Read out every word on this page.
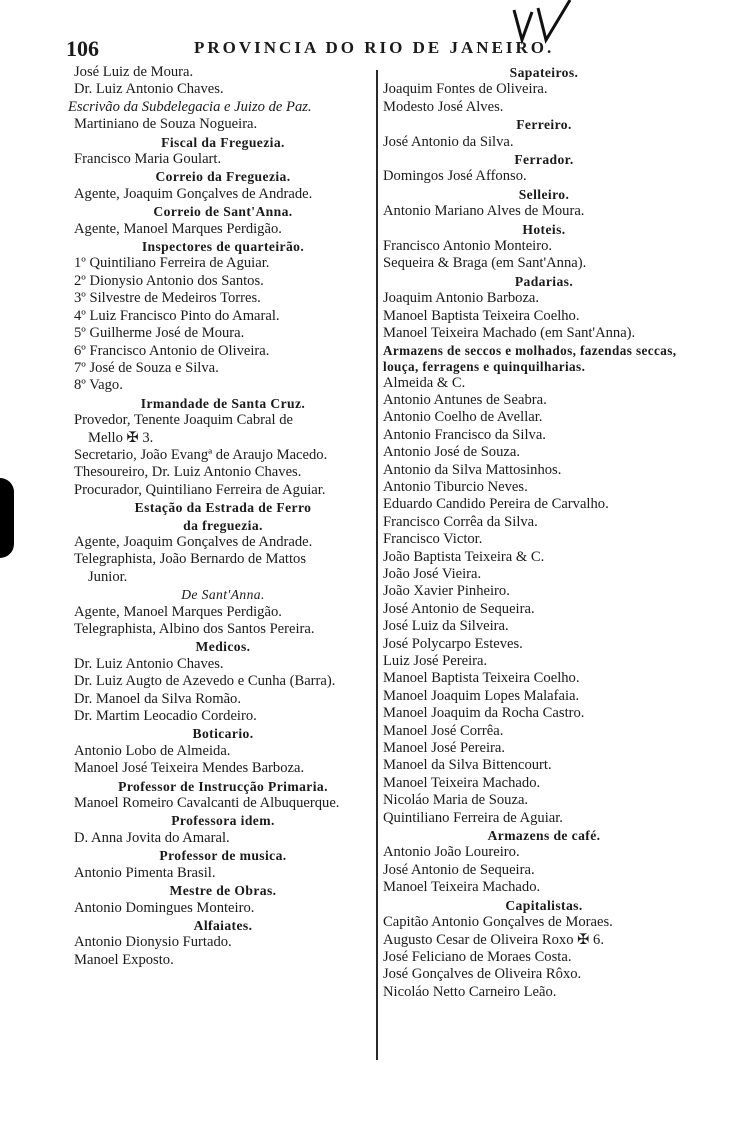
106	PROVINCIA DO RIO DE JANEIRO.
José Luiz de Moura.
Dr. Luiz Antonio Chaves.
Escrivão da Subdelegacia e Juizo de Paz.
Martiniano de Souza Nogueira.
Fiscal da Freguezia.
Francisco Maria Goulart.
Correio da Freguezia.
Agente, Joaquim Gonçalves de Andrade.
Correio de Sant'Anna.
Agente, Manoel Marques Perdigão.
Inspectores de quarteirão.
1º Quintiliano Ferreira de Aguiar.
2º Dionysio Antonio dos Santos.
3º Silvestre de Medeiros Torres.
4º Luiz Francisco Pinto do Amaral.
5º Guilherme José de Moura.
6º Francisco Antonio de Oliveira.
7º José de Souza e Silva.
8º Vago.
Irmandade de Santa Cruz.
Provedor, Tenente Joaquim Cabral de
Mello ✠ 3.
Secretario, João Evangª de Araujo Macedo.
Thesoureiro, Dr. Luiz Antonio Chaves.
Procurador, Quintiliano Ferreira de Aguiar.
Estação da Estrada de Ferro
da freguezia.
Agente, Joaquim Gonçalves de Andrade.
Telegraphista, João Bernardo de Mattos
Junior.
De Sant'Anna.
Agente, Manoel Marques Perdigão.
Telegraphista, Albino dos Santos Pereira.
Medicos.
Dr. Luiz Antonio Chaves.
Dr. Luiz Augto de Azevedo e Cunha (Barra).
Dr. Manoel da Silva Romão.
Dr. Martim Leocadio Cordeiro.
Boticario.
Antonio Lobo de Almeida.
Manoel José Teixeira Mendes Barboza.
Professor de Instrucção Primaria.
Manoel Romeiro Cavalcanti de Albuquerque.
Professora idem.
D. Anna Jovita do Amaral.
Professor de musica.
Antonio Pimenta Brasil.
Mestre de Obras.
Antonio Domingues Monteiro.
Alfaiates.
Antonio Dionysio Furtado.
Manoel Exposto.
Sapateiros.
Joaquim Fontes de Oliveira.
Modesto José Alves.
Ferreiro.
José Antonio da Silva.
Ferrador.
Domingos José Affonso.
Selleiro.
Antonio Mariano Alves de Moura.
Hoteis.
Francisco Antonio Monteiro.
Sequeira & Braga (em Sant'Anna).
Padarias.
Joaquim Antonio Barboza.
Manoel Baptista Teixeira Coelho.
Manoel Teixeira Machado (em Sant'Anna).
Armazens de seccos e molhados, fazendas seccas, louça, ferragens e quinquilharias.
Almeida & C.
Antonio Antunes de Seabra.
Antonio Coelho de Avellar.
Antonio Francisco da Silva.
Antonio José de Souza.
Antonio da Silva Mattosinhos.
Antonio Tiburcio Neves.
Eduardo Candido Pereira de Carvalho.
Francisco Corrêa da Silva.
Francisco Victor.
João Baptista Teixeira & C.
João José Vieira.
João Xavier Pinheiro.
José Antonio de Sequeira.
José Luiz da Silveira.
José Polycarpo Esteves.
Luiz José Pereira.
Manoel Baptista Teixeira Coelho.
Manoel Joaquim Lopes Malafaia.
Manoel Joaquim da Rocha Castro.
Manoel José Corrêa.
Manoel José Pereira.
Manoel da Silva Bittencourt.
Manoel Teixeira Machado.
Nicoláo Maria de Souza.
Quintiliano Ferreira de Aguiar.
Armazens de café.
Antonio João Loureiro.
José Antonio de Sequeira.
Manoel Teixeira Machado.
Capitalistas.
Capitão Antonio Gonçalves de Moraes.
Augusto Cesar de Oliveira Roxo ✠ 6.
José Feliciano de Moraes Costa.
José Gonçalves de Oliveira Rôxo.
Nicoláo Netto Carneiro Leão.
